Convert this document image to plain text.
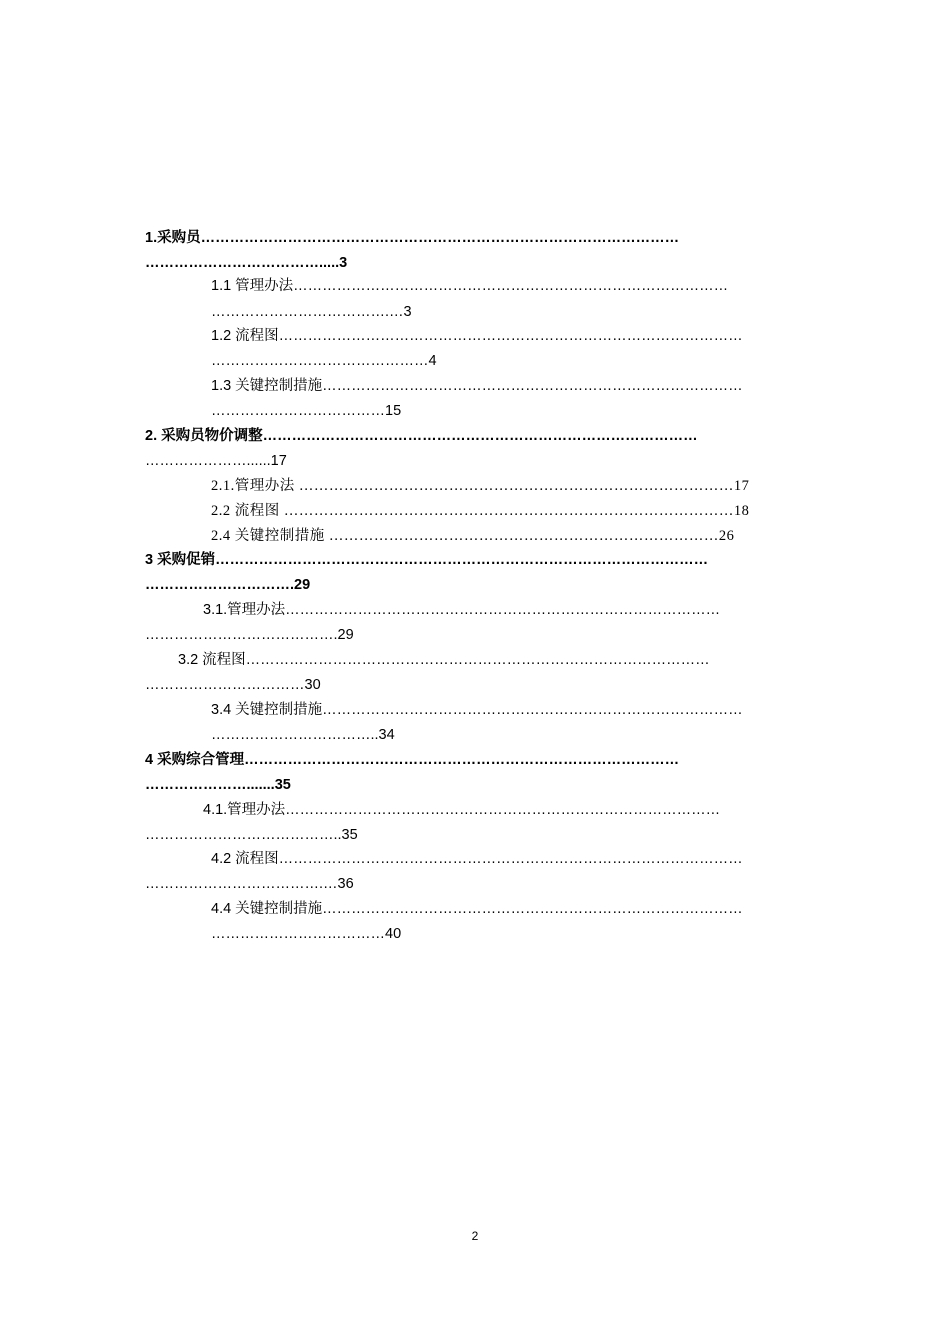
1.采购员………………………………………………………………………………………
……………………………….....3
1.1 管理办法………………………………………………………………………………
……………………………….…3
1.2 流程图……………………………………………………………………………………
………………………………………4
1.3 关键控制措施……………………………………………………………………………
………………………………15
2. 采购员物价调整………………………………………………………………………………
…………………......17
2.1.管理办法 ……………………………………………………………………………17
2.2 流程图 ………………………………………………………………………………18
2.4 关键控制措施 ……………………………………………………………………26
3 采购促销…………………………………………………………………………………………
………………………….29
3.1.管理办法………………………………………………………………………………
………………………………….29
3.2 流程图……………………………………………………………………………………
……………………………30
3.4 关键控制措施……………………………………………………………………………
……………………………..34
4 采购综合管理………………………………………………………………………………
………………….......35
4.1.管理办法………………………………………………………………………………
…………………………………..35
4.2 流程图……………………………………………………………………………………
……………………………….…36
4.4 关键控制措施……………………………………………………………………………
………………………………40
2
